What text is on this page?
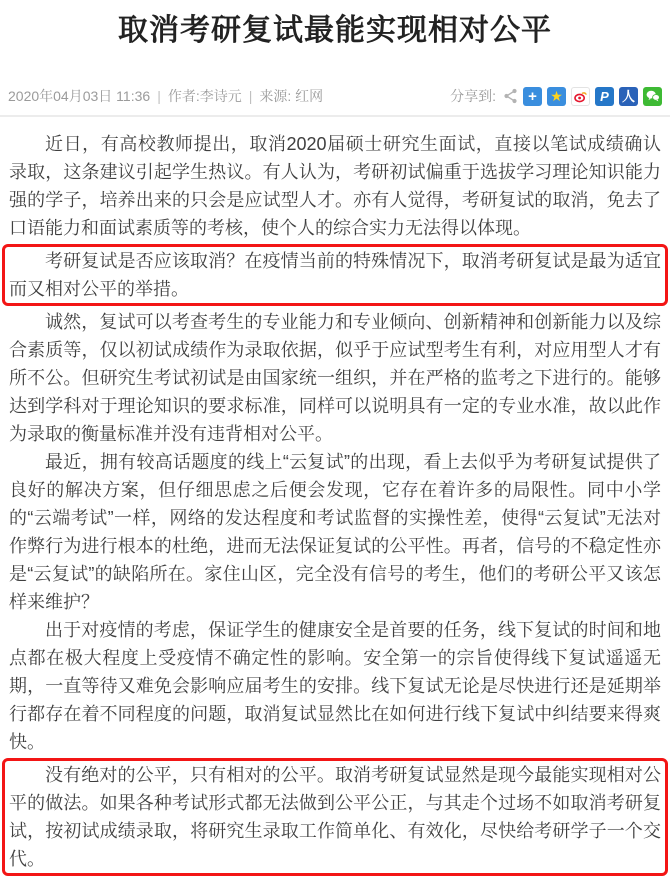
取消考研复试最能实现相对公平
2020年04月03日 11:36 | 作者:李诗元 | 来源: 红网	分享到: + ★	P 人

近日，有高校教师提出，取消2020届硕士研究生面试，直接以笔试成绩确认录取，这条建议引起学生热议。有人认为，考研初试偏重于选拔学习理论知识能力强的学子，培养出来的只会是应试型人才。亦有人觉得，考研复试的取消，免去了口语能力和面试素质等的考核，使个人的综合实力无法得以体现。

考研复试是否应该取消？在疫情当前的特殊情况下，取消考研复试是最为适宜而又相对公平的举措。

诚然，复试可以考查考生的专业能力和专业倾向、创新精神和创新能力以及综合素质等，仅以初试成绩作为录取依据，似乎于应试型考生有利，对应用型人才有所不公。但研究生考试初试是由国家统一组织，并在严格的监考之下进行的。能够达到学科对于理论知识的要求标准，同样可以说明具有一定的专业水准，故以此作为录取的衡量标准并没有违背相对公平。

最近，拥有较高话题度的线上“云复试”的出现，看上去似乎为考研复试提供了良好的解决方案，但仔细思虑之后便会发现，它存在着许多的局限性。同中小学的“云端考试”一样，网络的发达程度和考试监督的实操性差，使得“云复试”无法对作弊行为进行根本的杜绝，进而无法保证复试的公平性。再者，信号的不稳定性亦是“云复试”的缺陷所在。家住山区，完全没有信号的考生，他们的考研公平又该怎样来维护？

出于对疫情的考虑，保证学生的健康安全是首要的任务，线下复试的时间和地点都在极大程度上受疫情不确定性的影响。安全第一的宗旨使得线下复试遥遥无期，一直等待又难免会影响应届考生的安排。线下复试无论是尽快进行还是延期举行都存在着不同程度的问题，取消复试显然比在如何进行线下复试中纠结要来得爽快。

没有绝对的公平，只有相对的公平。取消考研复试显然是现今最能实现相对公平的做法。如果各种考试形式都无法做到公平公正，与其走个过场不如取消考研复试，按初试成绩录取，将研究生录取工作简单化、有效化，尽快给考研学子一个交代。
